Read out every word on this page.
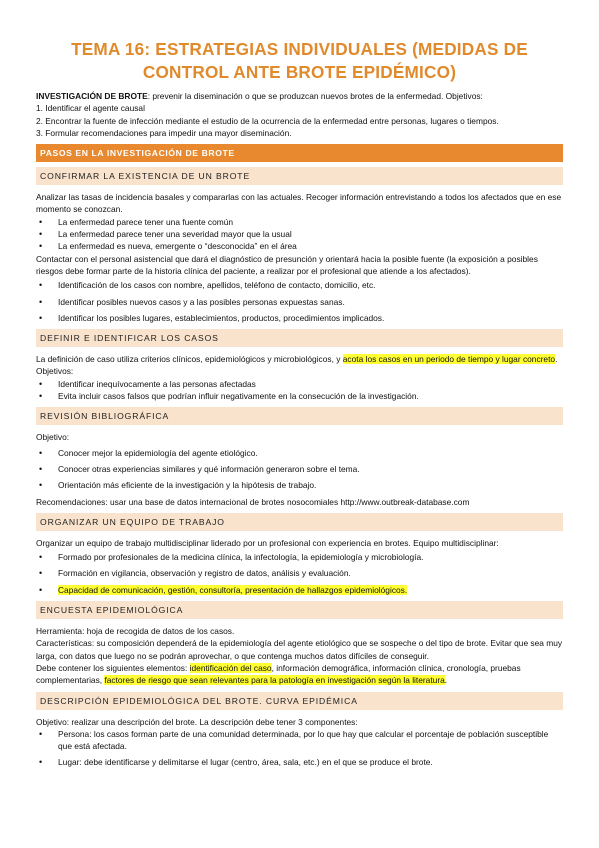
TEMA 16: ESTRATEGIAS INDIVIDUALES (MEDIDAS DE CONTROL ANTE BROTE EPIDÉMICO)

INVESTIGACIÓN DE BROTE: prevenir la diseminación o que se produzcan nuevos brotes de la enfermedad. Objetivos:

1. Identificar el agente causal

2. Encontrar la fuente de infección mediante el estudio de la ocurrencia de la enfermedad entre personas, lugares o tiempos.

3. Formular recomendaciones para impedir una mayor diseminación.

PASOS EN LA INVESTIGACIÓN DE BROTE
CONFIRMAR LA EXISTENCIA DE UN BROTE

Analizar las tasas de incidencia basales y compararlas con las actuales. Recoger información entrevistando a todos los afectados que en ese momento se conozcan.

• La enfermedad parece tener una fuente común
• La enfermedad parece tener una severidad mayor que la usual
• La enfermedad es nueva, emergente o “desconocida” en el área

Contactar con el personal asistencial que dará el diagnóstico de presunción y orientará hacia la posible fuente (la exposición a posibles riesgos debe formar parte de la historia clínica del paciente, a realizar por el profesional que atiende a los afectados).

• Identificación de los casos con nombre, apellidos, teléfono de contacto, domicilio, etc.
• Identificar posibles nuevos casos y a las posibles personas expuestas sanas.
• Identificar los posibles lugares, establecimientos, productos, procedimientos implicados.
DEFINIR E IDENTIFICAR LOS CASOS

La definición de caso utiliza criterios clínicos, epidemiológicos y microbiológicos, y acota los casos en un periodo de tiempo y lugar concreto. Objetivos:

• Identificar inequívocamente a las personas afectadas
• Evita incluir casos falsos que podrían influir negativamente en la consecución de la investigación.
REVISIÓN BIBLIOGRÁFICA

Objetivo:

• Conocer mejor la epidemiología del agente etiológico.
• Conocer otras experiencias similares y qué información generaron sobre el tema.
• Orientación más eficiente de la investigación y la hipótesis de trabajo.

Recomendaciones: usar una base de datos internacional de brotes nosocomiales http://www.outbreak-database.com

ORGANIZAR UN EQUIPO DE TRABAJO

Organizar un equipo de trabajo multidisciplinar liderado por un profesional con experiencia en brotes. Equipo multidisciplinar:

• Formado por profesionales de la medicina clínica, la infectología, la epidemiología y microbiología.
• Formación en vigilancia, observación y registro de datos, análisis y evaluación.
• Capacidad de comunicación, gestión, consultoría, presentación de hallazgos epidemiológicos.
ENCUESTA EPIDEMIOLÓGICA

Herramienta: hoja de recogida de datos de los casos.

Características: su composición dependerá de la epidemiología del agente etiológico que se sospeche o del tipo de brote. Evitar que sea muy larga, con datos que luego no se podrán aprovechar, o que contenga muchos datos difíciles de conseguir.

Debe contener los siguientes elementos: identificación del caso, información demográfica, información clínica, cronología, pruebas complementarias, factores de riesgo que sean relevantes para la patología en investigación según la literatura.

DESCRIPCIÓN EPIDEMIOLÓGICA DEL BROTE. CURVA EPIDÉMICA

Objetivo: realizar una descripción del brote. La descripción debe tener 3 componentes:

• Persona: los casos forman parte de una comunidad determinada, por lo que hay que calcular el porcentaje de población susceptible que está afectada.
• Lugar: debe identificarse y delimitarse el lugar (centro, área, sala, etc.) en el que se produce el brote.
